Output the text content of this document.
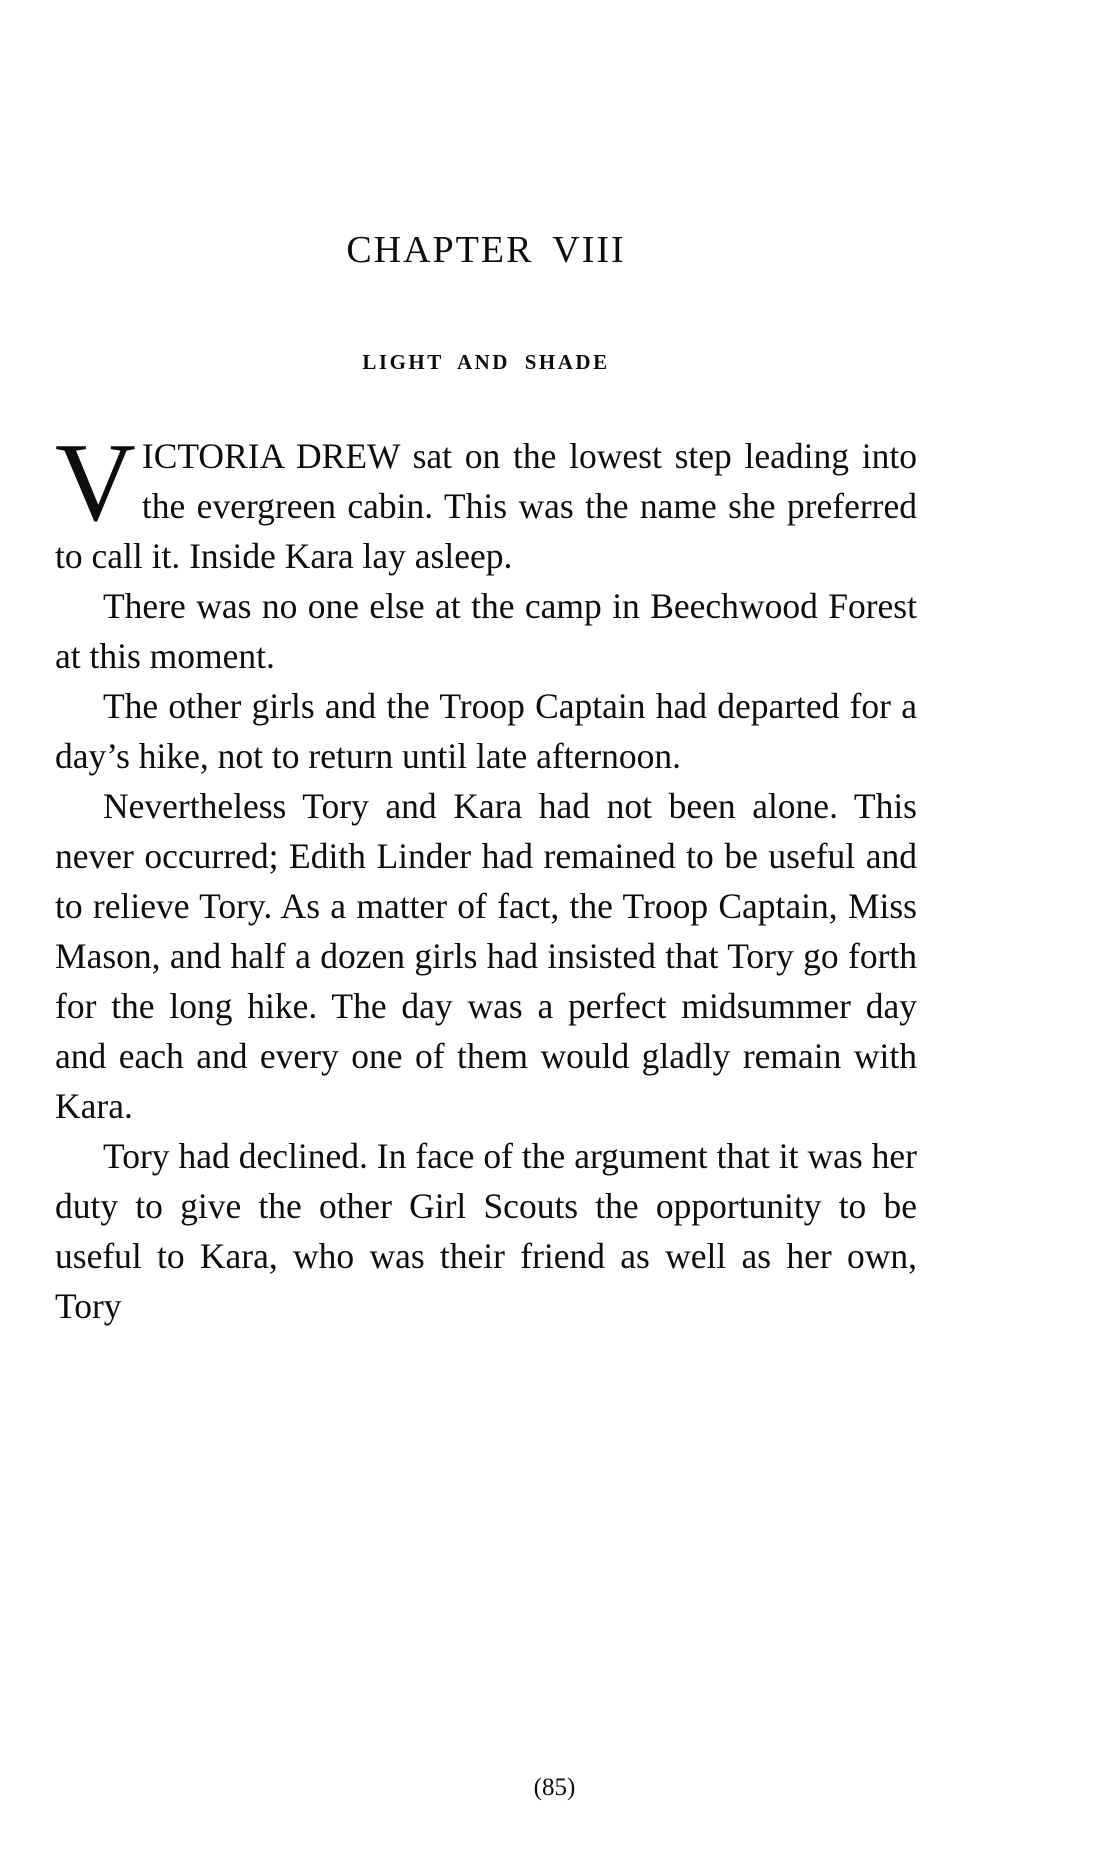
CHAPTER VIII
LIGHT AND SHADE

VICTORIA DREW sat on the lowest step leading into the evergreen cabin. This was the name she preferred to call it. Inside Kara lay asleep.

There was no one else at the camp in Beechwood Forest at this moment.

The other girls and the Troop Captain had departed for a day’s hike, not to return until late afternoon.

Nevertheless Tory and Kara had not been alone. This never occurred; Edith Linder had remained to be useful and to relieve Tory. As a matter of fact, the Troop Captain, Miss Mason, and half a dozen girls had insisted that Tory go forth for the long hike. The day was a perfect midsummer day and each and every one of them would gladly remain with Kara.

Tory had declined. In face of the argument that it was her duty to give the other Girl Scouts the opportunity to be useful to Kara, who was their friend as well as her own, Tory

(85)
